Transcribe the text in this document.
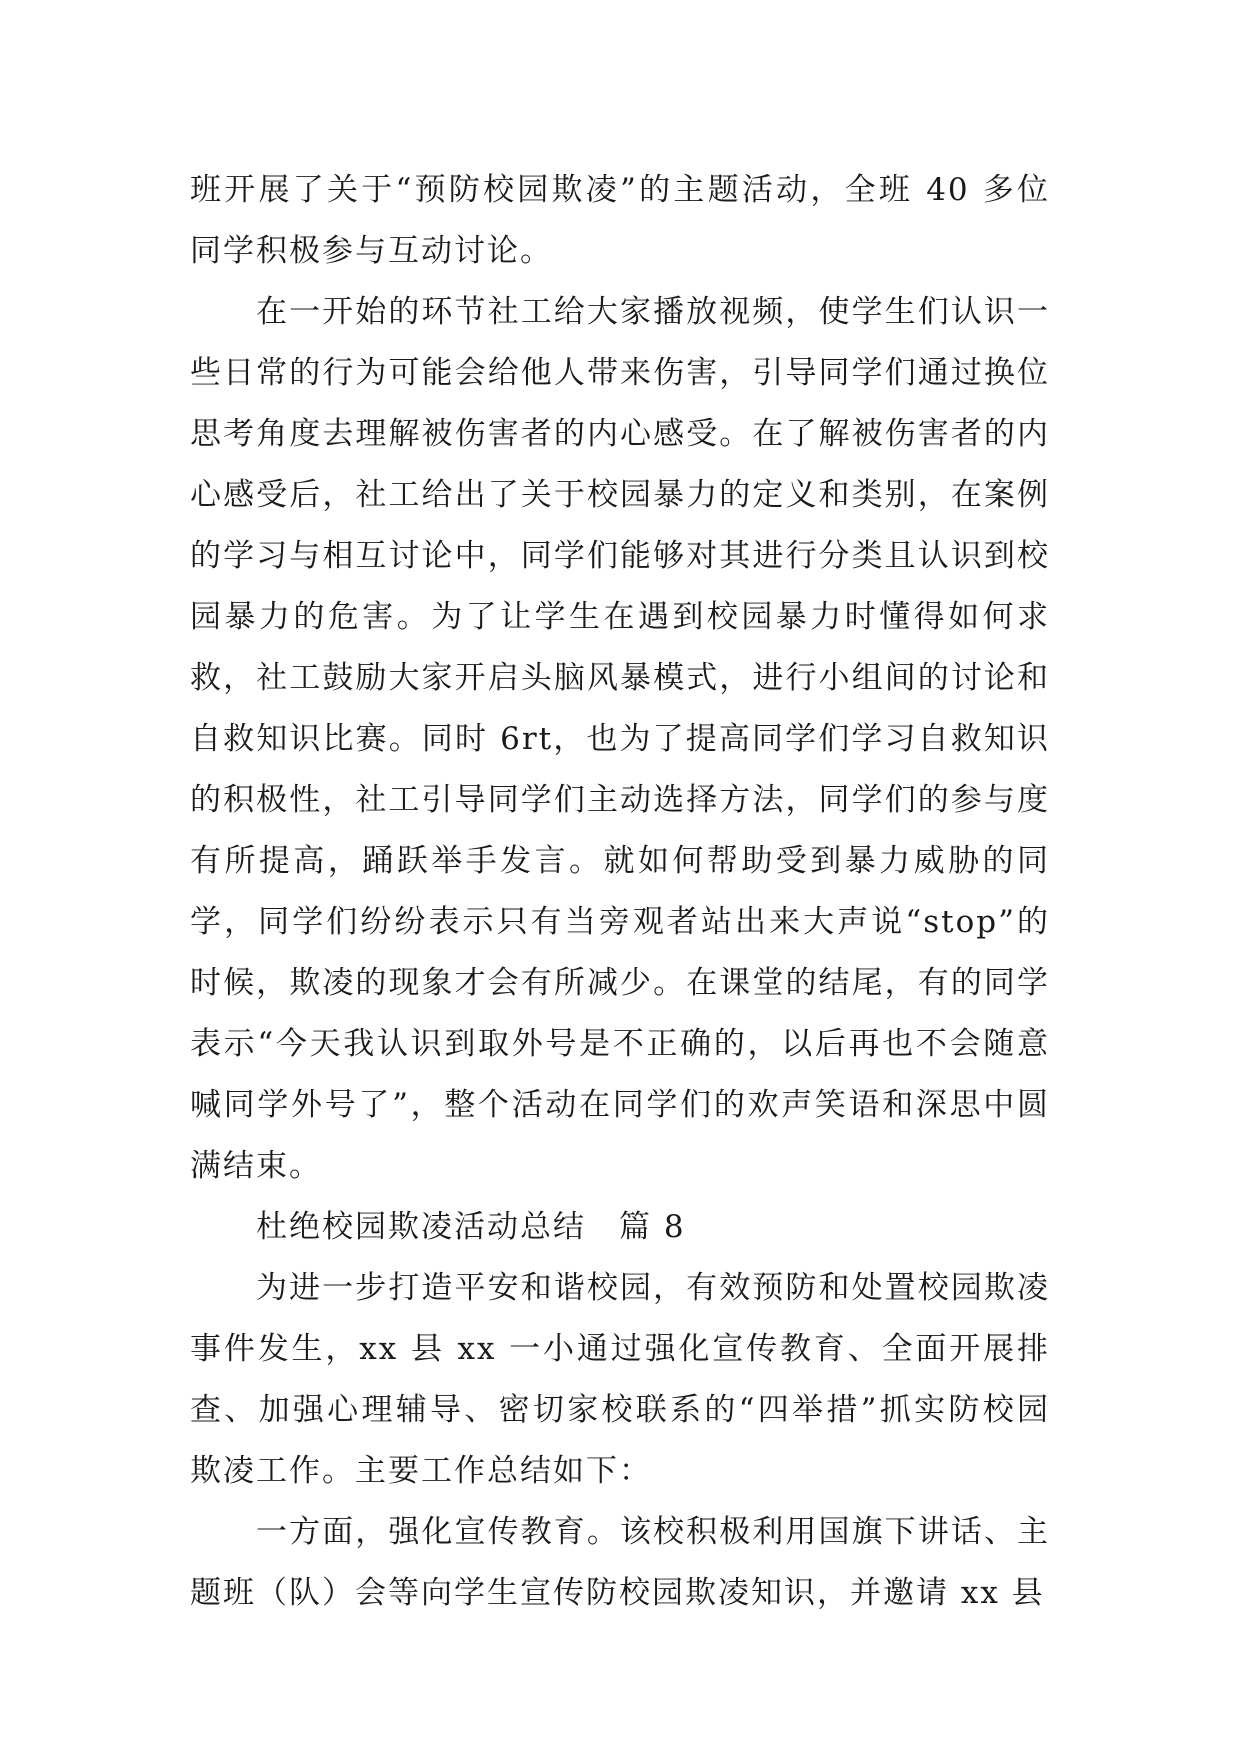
班开展了关于“预防校园欺凌”的主题活动，全班 40 多位同学积极参与互动讨论。

在一开始的环节社工给大家播放视频，使学生们认识一些日常的行为可能会给他人带来伤害，引导同学们通过换位思考角度去理解被伤害者的内心感受。在了解被伤害者的内心感受后，社工给出了关于校园暴力的定义和类别，在案例的学习与相互讨论中，同学们能够对其进行分类且认识到校园暴力的危害。为了让学生在遇到校园暴力时懂得如何求救，社工鼓励大家开启头脑风暴模式，进行小组间的讨论和自救知识比赛。同时 6rt，也为了提高同学们学习自救知识的积极性，社工引导同学们主动选择方法，同学们的参与度有所提高，踊跃举手发言。就如何帮助受到暴力威胁的同学，同学们纷纷表示只有当旁观者站出来大声说“stop”的时候，欺凌的现象才会有所减少。在课堂的结尾，有的同学表示“今天我认识到取外号是不正确的，以后再也不会随意喊同学外号了”，整个活动在同学们的欢声笑语和深思中圆满结束。

杜绝校园欺凌活动总结　篇 8

为进一步打造平安和谐校园，有效预防和处置校园欺凌事件发生，xx 县 xx 一小通过强化宣传教育、全面开展排查、加强心理辅导、密切家校联系的“四举措”抓实防校园欺凌工作。主要工作总结如下：

一方面，强化宣传教育。该校积极利用国旗下讲话、主题班（队）会等向学生宣传防校园欺凌知识，并邀请 xx 县
